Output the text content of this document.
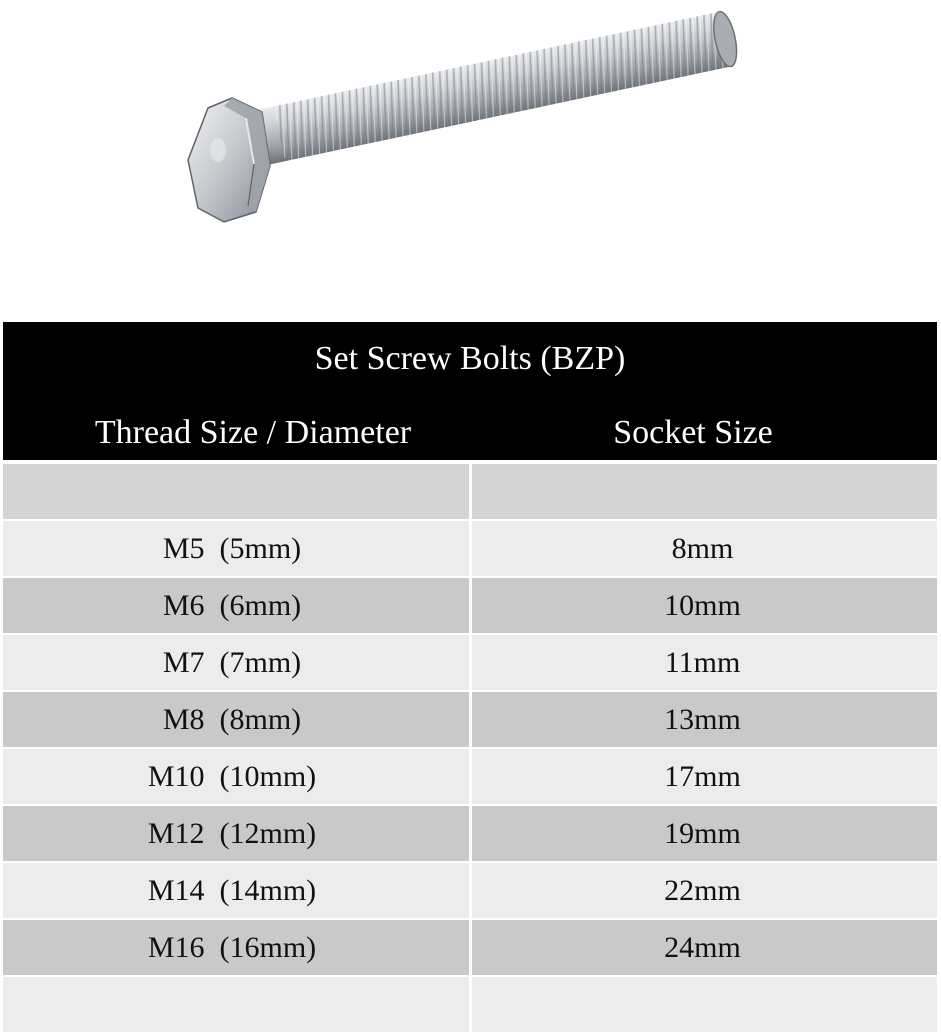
Set Screw Bolts (BZP)
Thread Size / Diameter	Socket Size
M5  (5mm)	8mm
M6  (6mm)	10mm
M7  (7mm)	11mm
M8  (8mm)	13mm
M10  (10mm)	17mm
M12  (12mm)	19mm
M14  (14mm)	22mm
M16  (16mm)	24mm
